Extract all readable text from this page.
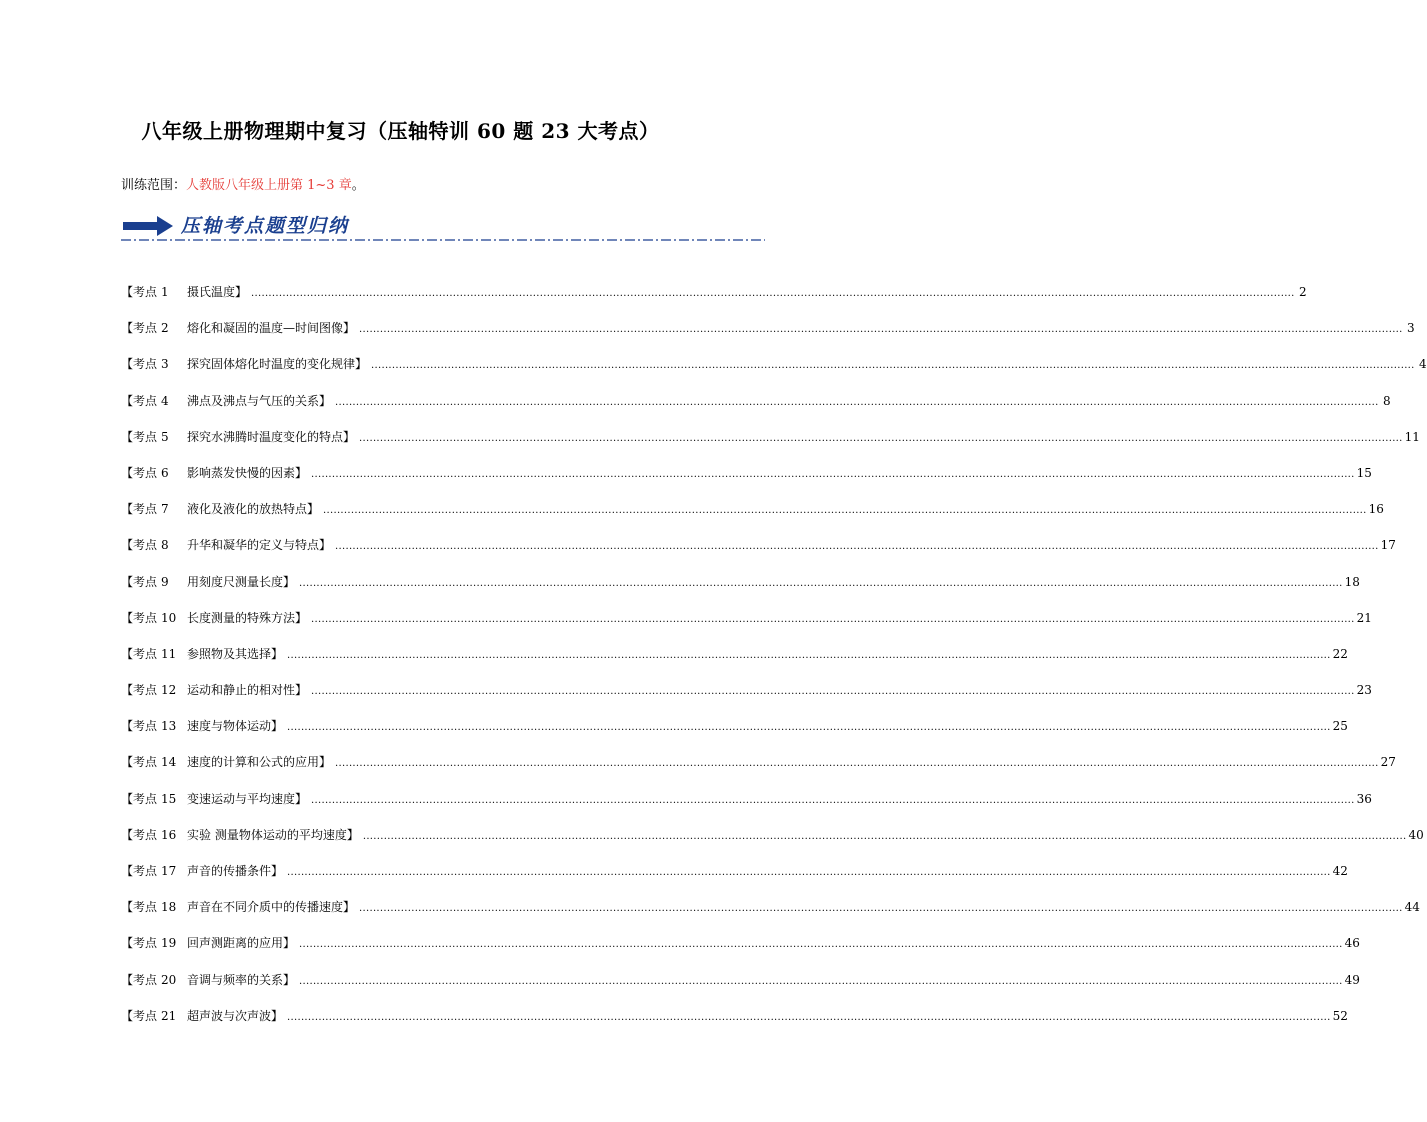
八年级上册物理期中复习（压轴特训 60 题 23 大考点）
训练范围：人教版八年级上册第 1~3 章。
压轴考点题型归纳
【考点 1	摄氏温度】 ............................................................................................................................................................................................................................................................................................................ 2
【考点 2	熔化和凝固的温度—时间图像】 ............................................................................................................................................................................................................................................................................................................ 3
【考点 3	探究固体熔化时温度的变化规律】 ............................................................................................................................................................................................................................................................................................................ 4
【考点 4	沸点及沸点与气压的关系】 ............................................................................................................................................................................................................................................................................................................ 8
【考点 5	探究水沸腾时温度变化的特点】 ............................................................................................................................................................................................................................................................................................................ 11
【考点 6	影响蒸发快慢的因素】 ............................................................................................................................................................................................................................................................................................................ 15
【考点 7	液化及液化的放热特点】 ............................................................................................................................................................................................................................................................................................................ 16
【考点 8	升华和凝华的定义与特点】 ............................................................................................................................................................................................................................................................................................................ 17
【考点 9	用刻度尺测量长度】 ............................................................................................................................................................................................................................................................................................................ 18
【考点 10 长度测量的特殊方法】 ............................................................................................................................................................................................................................................................................................................ 21
【考点 11 参照物及其选择】 ............................................................................................................................................................................................................................................................................................................ 22
【考点 12 运动和静止的相对性】 ............................................................................................................................................................................................................................................................................................................ 23
【考点 13 速度与物体运动】 ............................................................................................................................................................................................................................................................................................................ 25
【考点 14 速度的计算和公式的应用】 ............................................................................................................................................................................................................................................................................................................ 27
【考点 15 变速运动与平均速度】 ............................................................................................................................................................................................................................................................................................................ 36
【考点 16 实验 测量物体运动的平均速度】 ............................................................................................................................................................................................................................................................................................................ 40
【考点 17 声音的传播条件】 ............................................................................................................................................................................................................................................................................................................ 42
【考点 18 声音在不同介质中的传播速度】 ............................................................................................................................................................................................................................................................................................................ 44
【考点 19 回声测距离的应用】 ............................................................................................................................................................................................................................................................................................................ 46
【考点 20 音调与频率的关系】 ............................................................................................................................................................................................................................................................................................................ 49
【考点 21 超声波与次声波】 ............................................................................................................................................................................................................................................................................................................ 52
